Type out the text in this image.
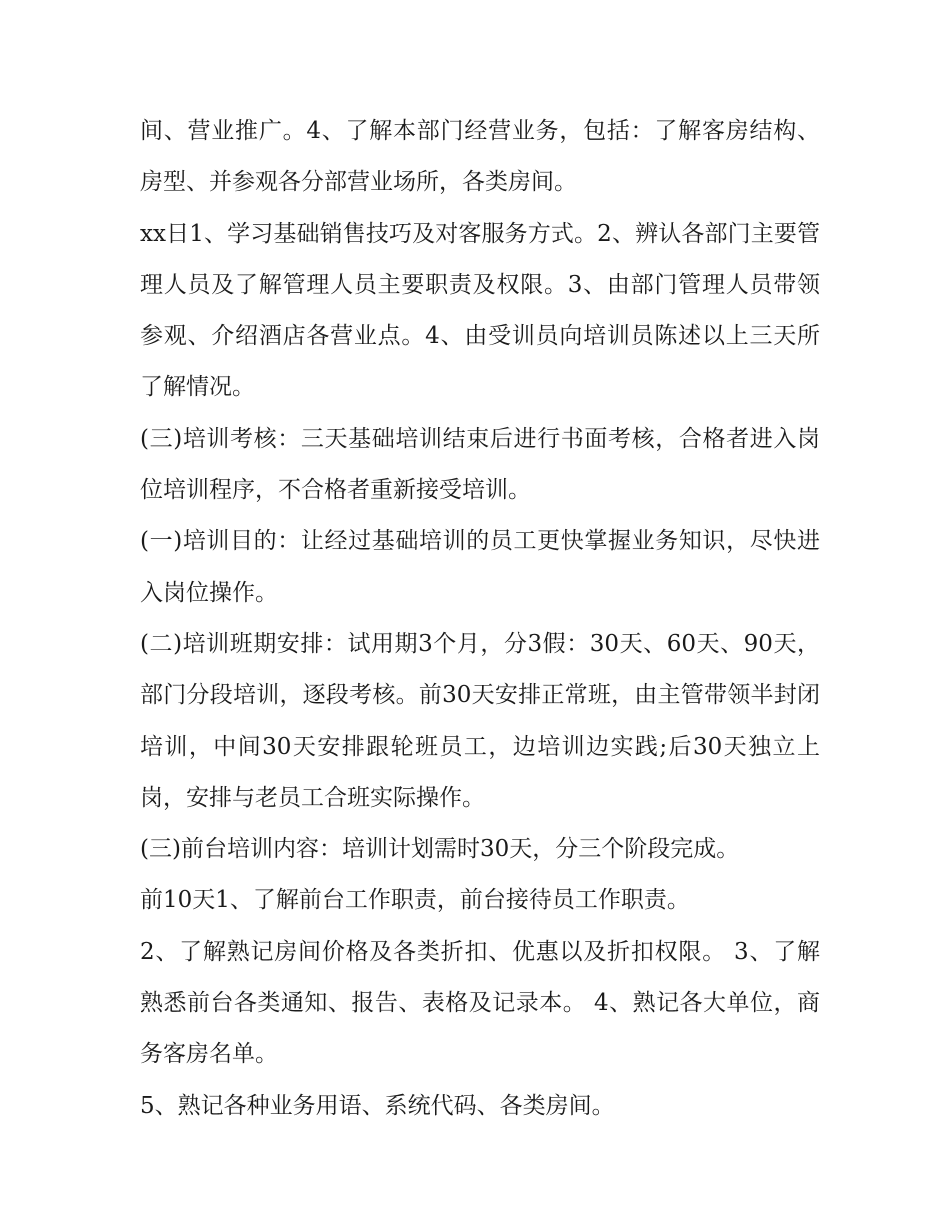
间、营业推广。4、了解本部门经营业务，包括：了解客房结构、房型、并参观各分部营业场所，各类房间。

xx日1、学习基础销售技巧及对客服务方式。2、辨认各部门主要管理人员及了解管理人员主要职责及权限。3、由部门管理人员带领参观、介绍酒店各营业点。4、由受训员向培训员陈述以上三天所了解情况。

(三)培训考核：三天基础培训结束后进行书面考核，合格者进入岗位培训程序，不合格者重新接受培训。

(一)培训目的：让经过基础培训的员工更快掌握业务知识，尽快进入岗位操作。

(二)培训班期安排：试用期3个月，分3假：30天、60天、90天，部门分段培训，逐段考核。前30天安排正常班，由主管带领半封闭培训，中间30天安排跟轮班员工，边培训边实践;后30天独立上岗，安排与老员工合班实际操作。

(三)前台培训内容：培训计划需时30天，分三个阶段完成。

前10天1、了解前台工作职责，前台接待员工作职责。

2、了解熟记房间价格及各类折扣、优惠以及折扣权限。 3、了解熟悉前台各类通知、报告、表格及记录本。 4、熟记各大单位，商务客房名单。

5、熟记各种业务用语、系统代码、各类房间。
